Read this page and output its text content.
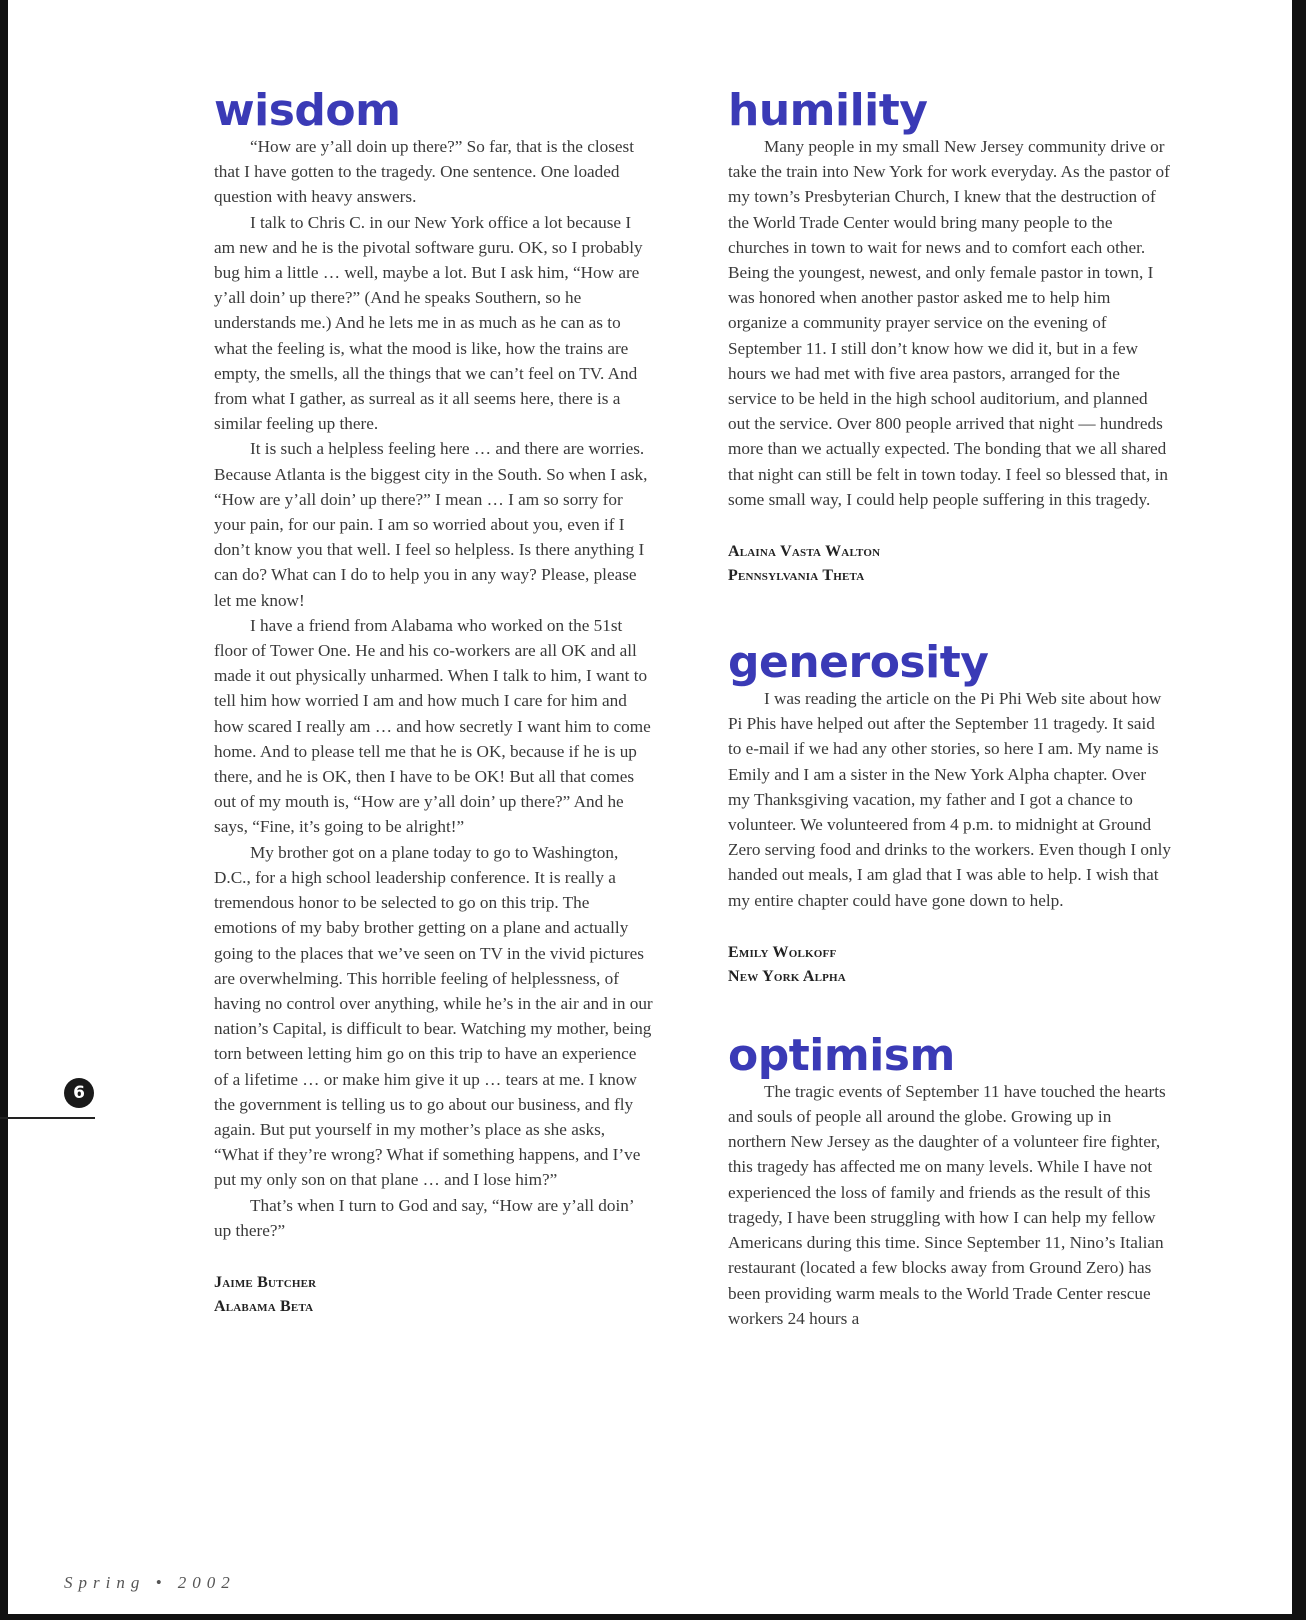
wisdom

“How are y’all doin up there?” So far, that is the closest that I have gotten to the tragedy. One sentence. One loaded question with heavy answers.

I talk to Chris C. in our New York office a lot because I am new and he is the pivotal software guru. OK, so I probably bug him a little … well, maybe a lot. But I ask him, “How are y’all doin’ up there?” (And he speaks Southern, so he understands me.) And he lets me in as much as he can as to what the feeling is, what the mood is like, how the trains are empty, the smells, all the things that we can’t feel on TV. And from what I gather, as surreal as it all seems here, there is a similar feeling up there.

It is such a helpless feeling here … and there are worries. Because Atlanta is the biggest city in the South. So when I ask, “How are y’all doin’ up there?” I mean … I am so sorry for your pain, for our pain. I am so worried about you, even if I don’t know you that well. I feel so helpless. Is there anything I can do? What can I do to help you in any way? Please, please let me know!

I have a friend from Alabama who worked on the 51st floor of Tower One. He and his co-workers are all OK and all made it out physically unharmed. When I talk to him, I want to tell him how worried I am and how much I care for him and how scared I really am … and how secretly I want him to come home. And to please tell me that he is OK, because if he is up there, and he is OK, then I have to be OK! But all that comes out of my mouth is, “How are y’all doin’ up there?” And he says, “Fine, it’s going to be alright!”

My brother got on a plane today to go to Washington, D.C., for a high school leadership conference. It is really a tremendous honor to be selected to go on this trip. The emotions of my baby brother getting on a plane and actually going to the places that we’ve seen on TV in the vivid pictures are overwhelming. This horrible feeling of helplessness, of having no control over anything, while he’s in the air and in our nation’s Capital, is difficult to bear. Watching my mother, being torn between letting him go on this trip to have an experience of a lifetime … or make him give it up … tears at me. I know the government is telling us to go about our business, and fly again. But put yourself in my mother’s place as she asks, “What if they’re wrong? What if something happens, and I’ve put my only son on that plane … and I lose him?”

That’s when I turn to God and say, “How are y’all doin’ up there?”

Jaime Butcher

Alabama Beta

humility

Many people in my small New Jersey community drive or take the train into New York for work everyday. As the pastor of my town’s Presbyterian Church, I knew that the destruction of the World Trade Center would bring many people to the churches in town to wait for news and to comfort each other. Being the youngest, newest, and only female pastor in town, I was honored when another pastor asked me to help him organize a community prayer service on the evening of September 11. I still don’t know how we did it, but in a few hours we had met with five area pastors, arranged for the service to be held in the high school auditorium, and planned out the service. Over 800 people arrived that night — hundreds more than we actually expected. The bonding that we all shared that night can still be felt in town today. I feel so blessed that, in some small way, I could help people suffering in this tragedy.

Alaina Vasta Walton

Pennsylvania Theta

generosity

I was reading the article on the Pi Phi Web site about how Pi Phis have helped out after the September 11 tragedy. It said to e-mail if we had any other stories, so here I am. My name is Emily and I am a sister in the New York Alpha chapter. Over my Thanksgiving vacation, my father and I got a chance to volunteer. We volunteered from 4 p.m. to midnight at Ground Zero serving food and drinks to the workers. Even though I only handed out meals, I am glad that I was able to help. I wish that my entire chapter could have gone down to help.

Emily Wolkoff

New York Alpha

optimism

The tragic events of September 11 have touched the hearts and souls of people all around the globe. Growing up in northern New Jersey as the daughter of a volunteer fire fighter, this tragedy has affected me on many levels. While I have not experienced the loss of family and friends as the result of this tragedy, I have been struggling with how I can help my fellow Americans during this time. Since September 11, Nino’s Italian restaurant (located a few blocks away from Ground Zero) has been providing warm meals to the World Trade Center rescue workers 24 hours a

6
Spring • 2002
